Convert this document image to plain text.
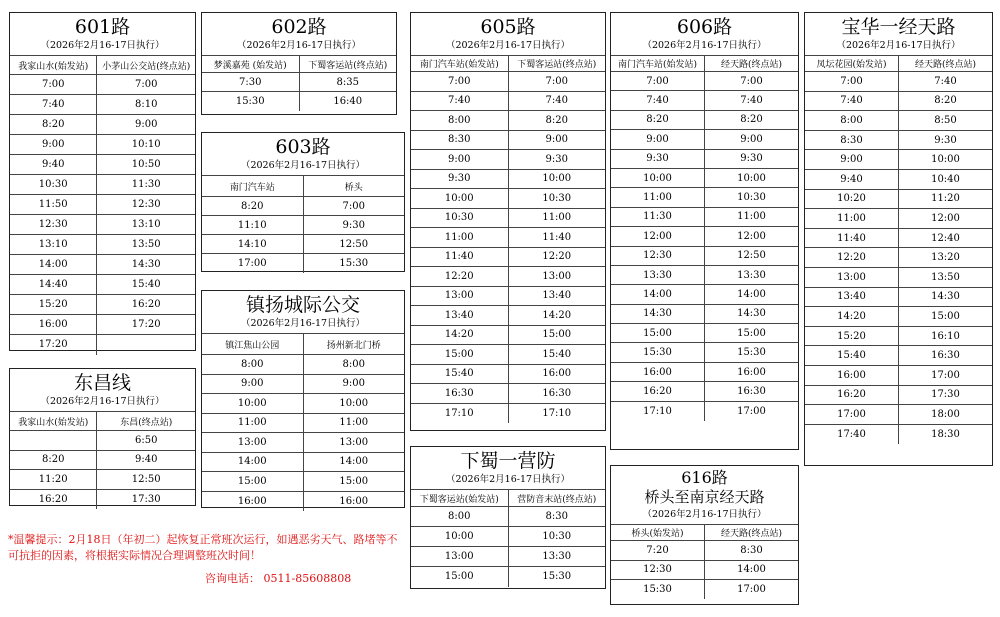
601路
（2026年2月16-17日执行）
我家山水(始发站)	小茅山公交站(终点站)
7:00	7:00
7:40	8:10
8:20	9:00
9:00	10:10
9:40	10:50
10:30	11:30
11:50	12:30
12:30	13:10
13:10	13:50
14:00	14:30
14:40	15:40
15:20	16:20
16:00	17:20
17:20	
东昌线
（2026年2月16-17日执行）
我家山水(始发站)	东昌(终点站)
	6:50
8:20	9:40
11:20	12:50
16:20	17:30
602路
（2026年2月16-17日执行）
梦溪嘉苑 (始发站)	下蜀客运站(终点站)
7:30	8:35
15:30	16:40
603路
（2026年2月16-17日执行）
南门汽车站	桥头
8:20	7:00
11:10	9:30
14:10	12:50
17:00	15:30
镇扬城际公交
（2026年2月16-17日执行）
镇江焦山公园	扬州新北门桥
8:00	8:00
9:00	9:00
10:00	10:00
11:00	11:00
13:00	13:00
14:00	14:00
15:00	15:00
16:00	16:00
605路
（2026年2月16-17日执行）
南门汽车站(始发站)	下蜀客运站(终点站)
7:00	7:00
7:40	7:40
8:00	8:20
8:30	9:00
9:00	9:30
9:30	10:00
10:00	10:30
10:30	11:00
11:00	11:40
11:40	12:20
12:20	13:00
13:00	13:40
13:40	14:20
14:20	15:00
15:00	15:40
15:40	16:00
16:30	16:30
17:10	17:10
下蜀一营防
（2026年2月16-17日执行）
下蜀客运站(始发站)	营防音末站(终点站)
8:00	8:30
10:00	10:30
13:00	13:30
15:00	15:30
606路
（2026年2月16-17日执行）
南门汽车站(始发站)	经天路(终点站)
7:00	7:00
7:40	7:40
8:20	8:20
9:00	9:00
9:30	9:30
10:00	10:00
11:00	10:30
11:30	11:00
12:00	12:00
12:30	12:50
13:30	13:30
14:00	14:00
14:30	14:30
15:00	15:00
15:30	15:30
16:00	16:00
16:20	16:30
17:10	17:00
616路
桥头至南京经天路
（2026年2月16-17日执行）
桥头(始发站)	经天路(终点站)
7:20	8:30
12:30	14:00
15:30	17:00
宝华一经天路
（2026年2月16-17日执行）
凤坛花园(始发站)	经天路(终点站)
7:00	7:40
7:40	8:20
8:00	8:50
8:30	9:30
9:00	10:00
9:40	10:40
10:20	11:20
11:00	12:00
11:40	12:40
12:20	13:20
13:00	13:50
13:40	14:30
14:20	15:00
15:20	16:10
15:40	16:30
16:00	17:00
16:20	17:30
17:00	18:00
17:40	18:30
*温馨提示：2月18日（年初二）起恢复正常班次运行，如遇恶劣天气、路堵等不可抗拒的因素，将根据实际情况合理调整班次时间！
咨询电话： 0511-85608808
